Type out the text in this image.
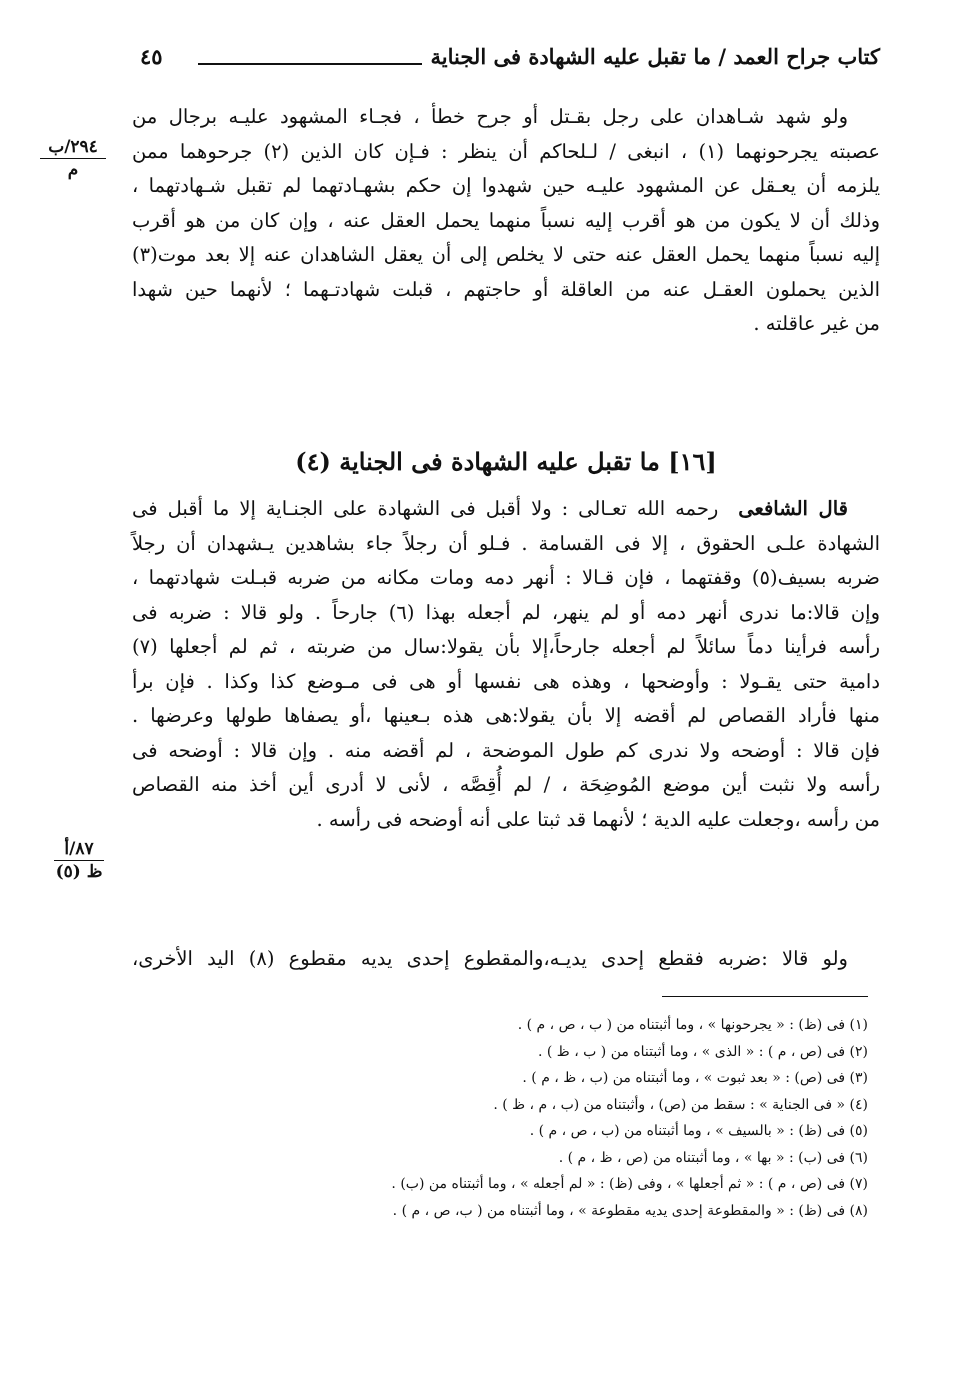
كتاب جراح العمد / ما تقبل عليه الشهادة فى الجناية
٤٥
٢٩٤/ب
م
ولو شهد شـاهدان على رجل بقـتل أو جرح خطأ ، فجـاء المشهود عليـه برجال من
عصبته يجرحونهما (١) ، انبغى / لـلحاكم أن ينظر : فـإن كان الذين (٢) جرحوهما ممن
يلزمه أن يعـقل عن المشهود عليـه حين شهدوا إن حكم بشهـادتهما لم تقبل شـهادتهما ،
وذلك أن لا يكون من هو أقرب إليه نسباً منهما يحمل العقل عنه ، وإن كان من هو أقرب
إليه نسباً منهما يحمل العقل عنه حتى لا يخلص إلى أن يعقل الشاهدان عنه إلا بعد موت(٣)
الذين يحملون العقـل عنه من العاقلة أو حاجتهم ، قبلت شهادتـهما ؛ لأنهما حين شهدا
من غير عاقلته .
[١٦] ما تقبل عليه الشهادة فى الجناية (٤)
قال الشافعى  رحمه الله تعـالى : ولا أقبل فى الشهادة على الجنـاية إلا ما أقبل فى
الشهادة علـى الحقوق ، إلا فى القسامة . فـلو أن رجلاً جاء بشاهدين يـشهدان أن رجلاً
ضربه بسيف(٥) وقفتهما ، فإن قـالا : أنهر دمه ومات مكانه من ضربه قبـلت شهادتهما ،
وإن قالا:ما ندرى أنهر دمه أو لم ينهر، لم أجعله بهذا (٦) جارحاً . ولو قالا : ضربه فى
رأسه فرأينا دماً سائلاً لم أجعله جارحاً،إلا بأن يقولا:سال من ضربته ، ثم لم أجعلها (٧)
دامية حتى يقـولا : وأوضحها ، وهذه هى نفسها أو هى فى مـوضع كذا وكذا . فإن برأ
منها فأراد القصاص لم أقضه إلا بأن يقولا:هى هذه بـعينها ،أو يصفاها طولها وعرضها .
فإن قالا : أوضحه ولا ندرى كم طول الموضحة ، لم أقضه منه . وإن قالا : أوضحه فى
رأسه ولا نثبت أين موضع المُوضِحَة ، / لم أُقِصَّه ، لأنى لا أدرى أين أخذ منه القصاص
من رأسه ،وجعلت عليه الدية ؛ لأنهما قد ثبتا على أنه أوضحه فى رأسه .
٨٧/أ
ظ (٥)
ولو قالا :ضربه فقطع إحدى يديـه،والمقطوع إحدى يديه مقطوع (٨) اليد الأخرى،
(١) فى (ظ) : « يجرحونها » ، وما أثبتناه من ( ب ، ص ، م ) .
(٢) فى (ص ، م ) : « الذى » ، وما أثبتناه من ( ب ، ظ ) .
(٣) فى (ص) : « بعد ثبوت » ، وما أثبتناه من (ب ، ظ ، م ) .
(٤) « فى الجناية » : سقط من (ص) ، وأثبتناه من (ب ، م ، ظ ) .
(٥) فى (ظ) : « بالسيف » ، وما أثبتناه من (ب ، ص ، م ) .
(٦) فى (ب) : « بها » ، وما أثبتناه من (ص ، ظ ، م ) .
(٧) فى (ص ، م ) : « ثم أجعلها » ، وفى (ظ) : « لم أجعله » ، وما أثبتناه من (ب) .
(٨) فى (ظ) : « والمقطوعة إحدى يديه مقطوعة » ، وما أثبتناه من ( ب، ص ، م ) .
